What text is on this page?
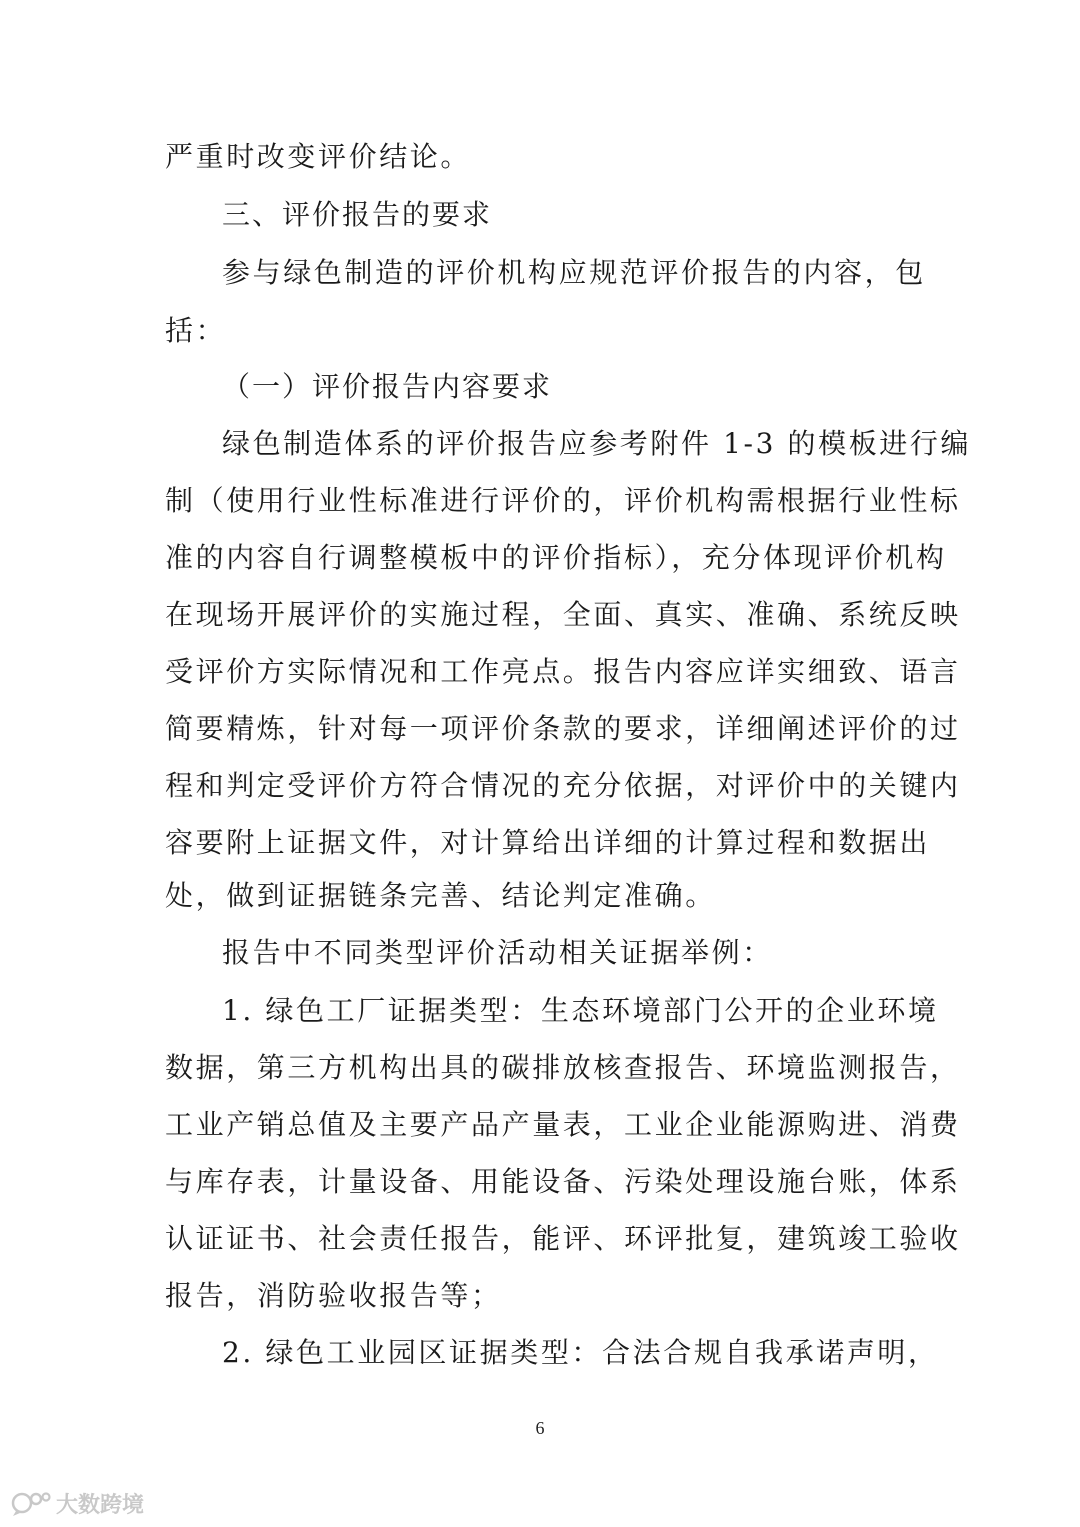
严重时改变评价结论。
三、评价报告的要求
参与绿色制造的评价机构应规范评价报告的内容，包
括：
（一）评价报告内容要求
绿色制造体系的评价报告应参考附件 1-3 的模板进行编
制（使用行业性标准进行评价的，评价机构需根据行业性标
准的内容自行调整模板中的评价指标），充分体现评价机构
在现场开展评价的实施过程，全面、真实、准确、系统反映
受评价方实际情况和工作亮点。报告内容应详实细致、语言
简要精炼，针对每一项评价条款的要求，详细阐述评价的过
程和判定受评价方符合情况的充分依据，对评价中的关键内
容要附上证据文件，对计算给出详细的计算过程和数据出
处，做到证据链条完善、结论判定准确。
报告中不同类型评价活动相关证据举例：
1. 绿色工厂证据类型：生态环境部门公开的企业环境
数据，第三方机构出具的碳排放核查报告、环境监测报告，
工业产销总值及主要产品产量表，工业企业能源购进、消费
与库存表，计量设备、用能设备、污染处理设施台账，体系
认证证书、社会责任报告，能评、环评批复，建筑竣工验收
报告，消防验收报告等；
2. 绿色工业园区证据类型：合法合规自我承诺声明，
6
大数跨境
